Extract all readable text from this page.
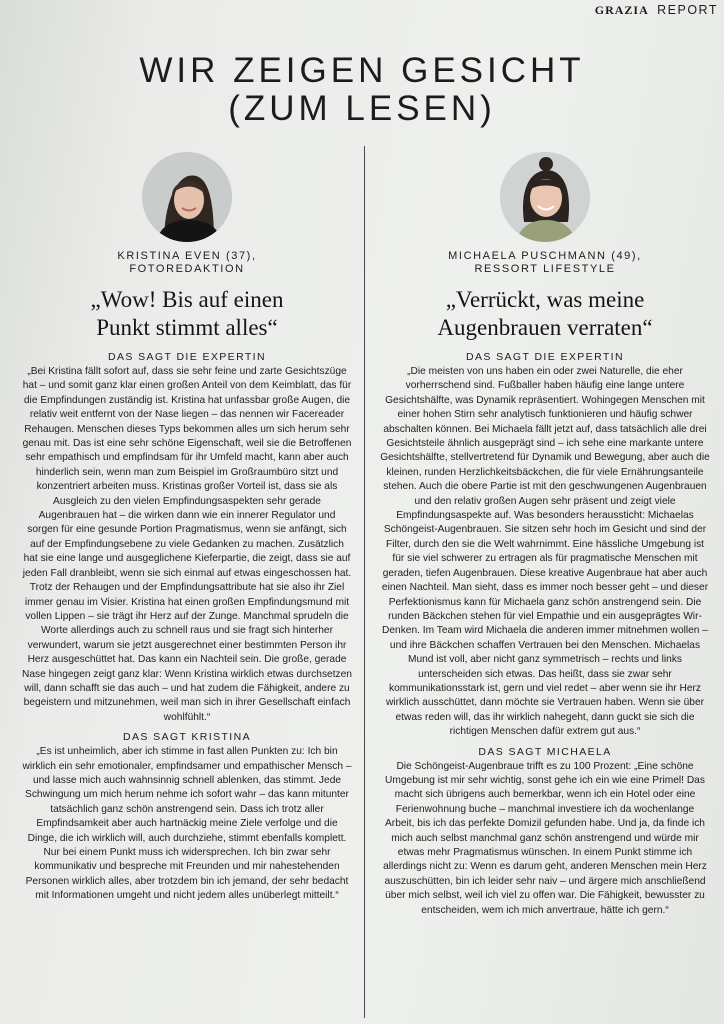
GRAZIA REPORT
WIR ZEIGEN GESICHT
(ZUM LESEN)
KRISTINA EVEN (37),
FOTOREDAKTION
„Wow! Bis auf einen
Punkt stimmt alles“
DAS SAGT DIE EXPERTIN
„Bei Kristina fällt sofort auf, dass sie sehr feine und zarte Gesichtszüge hat – und somit ganz klar einen großen Anteil von dem Keimblatt, das für die Empfindungen zuständig ist. Kristina hat unfassbar große Augen, die relativ weit entfernt von der Nase liegen – das nennen wir Facereader Rehaugen. Menschen dieses Typs bekommen alles um sich herum sehr genau mit. Das ist eine sehr schöne Eigenschaft, weil sie die Betroffenen sehr empathisch und empfindsam für ihr Umfeld macht, kann aber auch hinderlich sein, wenn man zum Beispiel im Großraumbüro sitzt und konzentriert arbeiten muss. Kristinas großer Vorteil ist, dass sie als Ausgleich zu den vielen Empfindungsaspekten sehr gerade Augenbrauen hat – die wirken dann wie ein innerer Regulator und sorgen für eine gesunde Portion Pragmatismus, wenn sie anfängt, sich auf der Empfindungsebene zu viele Gedanken zu machen. Zusätzlich hat sie eine lange und ausgeglichene Kieferpartie, die zeigt, dass sie auf jeden Fall dranbleibt, wenn sie sich einmal auf etwas eingeschossen hat. Trotz der Rehaugen und der Empfindungsattribute hat sie also ihr Ziel immer genau im Visier. Kristina hat einen großen Empfindungsmund mit vollen Lippen – sie trägt ihr Herz auf der Zunge. Manchmal sprudeln die Worte allerdings auch zu schnell raus und sie fragt sich hinterher verwundert, warum sie jetzt ausgerechnet einer bestimmten Person ihr Herz ausgeschüttet hat. Das kann ein Nachteil sein. Die große, gerade Nase hingegen zeigt ganz klar: Wenn Kristina wirklich etwas durchsetzen will, dann schafft sie das auch – und hat zudem die Fähigkeit, andere zu begeistern und mitzunehmen, weil man sich in ihrer Gesellschaft einfach wohlfühlt.“
DAS SAGT KRISTINA
„Es ist unheimlich, aber ich stimme in fast allen Punkten zu: Ich bin wirklich ein sehr emotionaler, empfindsamer und empathischer Mensch – und lasse mich auch wahnsinnig schnell ablenken, das stimmt. Jede Schwingung um mich herum nehme ich sofort wahr – das kann mitunter tatsächlich ganz schön anstrengend sein. Dass ich trotz aller Empfindsamkeit aber auch hartnäckig meine Ziele verfolge und die Dinge, die ich wirklich will, auch durchziehe, stimmt ebenfalls komplett. Nur bei einem Punkt muss ich widersprechen. Ich bin zwar sehr kommunikativ und bespreche mit Freunden und mir nahestehenden Personen wirklich alles, aber trotzdem bin ich jemand, der sehr bedacht mit Informationen umgeht und nicht jedem alles unüberlegt mitteilt.“
MICHAELA PUSCHMANN (49),
RESSORT LIFESTYLE
„Verrückt, was meine
Augenbrauen verraten“
DAS SAGT DIE EXPERTIN
„Die meisten von uns haben ein oder zwei Naturelle, die eher vorherrschend sind. Fußballer haben häufig eine lange untere Gesichtshälfte, was Dynamik repräsentiert. Wohingegen Menschen mit einer hohen Stirn sehr analytisch funktionieren und häufig schwer abschalten können. Bei Michaela fällt jetzt auf, dass tatsächlich alle drei Gesichtsteile ähnlich ausgeprägt sind – ich sehe eine markante untere Gesichtshälfte, stellvertretend für Dynamik und Bewegung, aber auch die kleinen, runden Herzlichkeitsbäckchen, die für viele Ernährungsanteile stehen. Auch die obere Partie ist mit den geschwungenen Augenbrauen und den relativ großen Augen sehr präsent und zeigt viele Empfindungsaspekte auf. Was besonders heraussticht: Michaelas Schöngeist-Augenbrauen. Sie sitzen sehr hoch im Gesicht und sind der Filter, durch den sie die Welt wahrnimmt. Eine hässliche Umgebung ist für sie viel schwerer zu ertragen als für pragmatische Menschen mit geraden, tiefen Augenbrauen. Diese kreative Augenbraue hat aber auch einen Nachteil. Man sieht, dass es immer noch besser geht – und dieser Perfektionismus kann für Michaela ganz schön anstrengend sein. Die runden Bäckchen stehen für viel Empathie und ein ausgeprägtes Wir-Denken. Im Team wird Michaela die anderen immer mitnehmen wollen – und ihre Bäckchen schaffen Vertrauen bei den Menschen. Michaelas Mund ist voll, aber nicht ganz symmetrisch – rechts und links unterscheiden sich etwas. Das heißt, dass sie zwar sehr kommunikationsstark ist, gern und viel redet – aber wenn sie ihr Herz wirklich ausschüttet, dann möchte sie Vertrauen haben. Wenn sie über etwas reden will, das ihr wirklich nahegeht, dann guckt sie sich die richtigen Menschen dafür extrem gut aus.“
DAS SAGT MICHAELA
Die Schöngeist-Augenbraue trifft es zu 100 Prozent: „Eine schöne Umgebung ist mir sehr wichtig, sonst gehe ich ein wie eine Primel! Das macht sich übrigens auch bemerkbar, wenn ich ein Hotel oder eine Ferienwohnung buche – manchmal investiere ich da wochenlange Arbeit, bis ich das perfekte Domizil gefunden habe. Und ja, da finde ich mich auch selbst manchmal ganz schön anstrengend und würde mir etwas mehr Pragmatismus wünschen. In einem Punkt stimme ich allerdings nicht zu: Wenn es darum geht, anderen Menschen mein Herz auszuschütten, bin ich leider sehr naiv – und ärgere mich anschließend über mich selbst, weil ich viel zu offen war. Die Fähigkeit, bewusster zu entscheiden, wem ich mich anvertraue, hätte ich gern.“
